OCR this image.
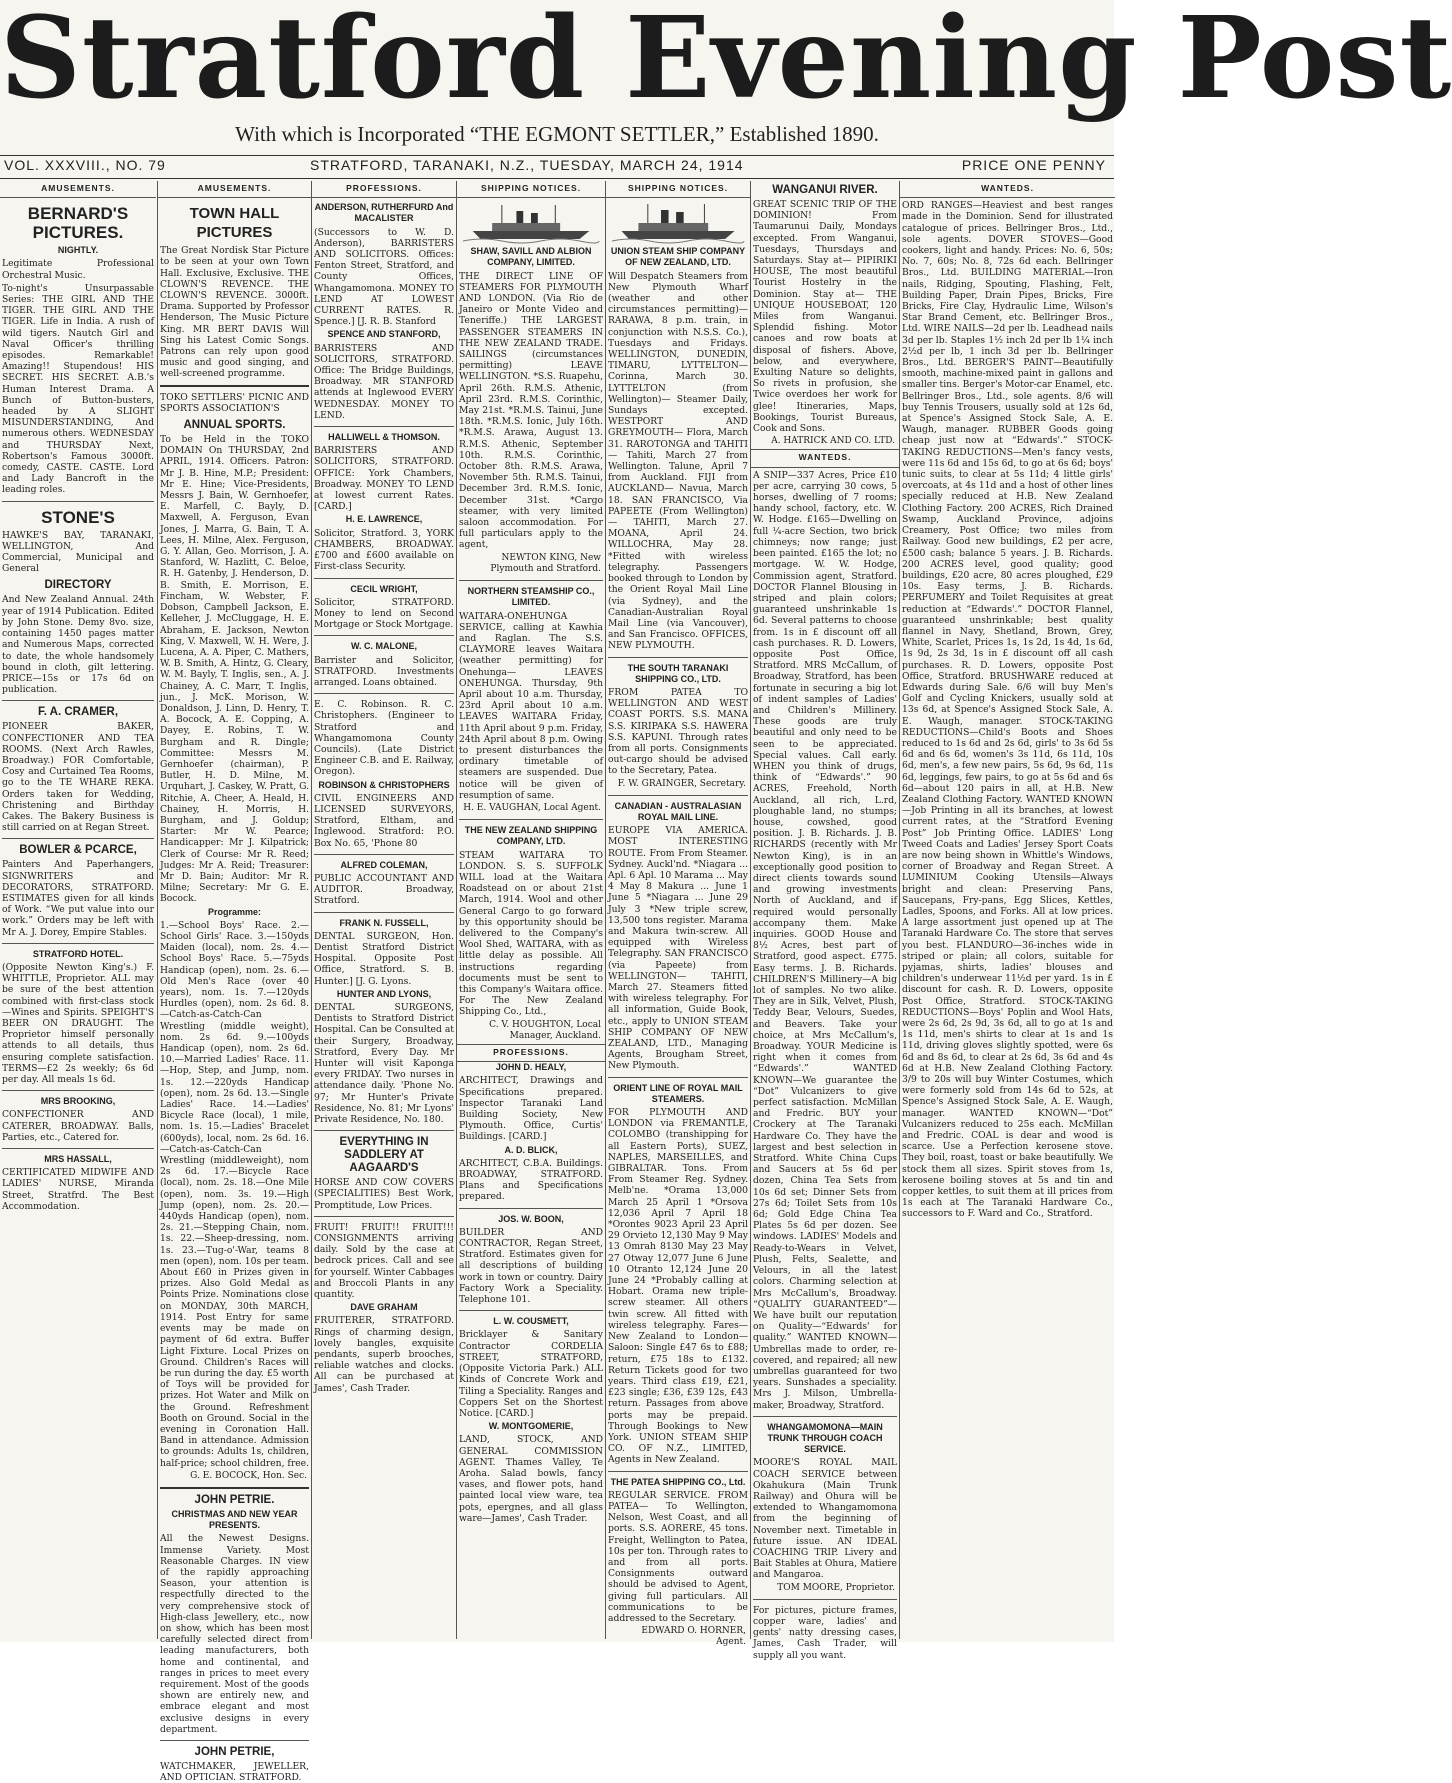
Stratford Evening Post
With which is Incorporated “THE EGMONT SETTLER,” Established 1890.
VOL. XXXVIII., NO. 79	STRATFORD, TARANAKI, N.Z., TUESDAY, MARCH 24, 1914	PRICE ONE PENNY
AMUSEMENTS.
BERNARD'S PICTURES.
NIGHTLY.
Legitimate Professional Orchestral Music.
To-night's Unsurpassable Series: THE GIRL AND THE TIGER. THE GIRL AND THE TIGER. Life in India. A rush of wild tigers. Nautch Girl and Naval Officer's thrilling episodes. Remarkable! Amazing!! Stupendous! HIS SECRET. HIS SECRET. A.B.'s Human Interest Drama. A Bunch of Button-busters, headed by A SLIGHT MISUNDERSTANDING, And numerous others. WEDNESDAY and THURSDAY Next, Robertson's Famous 3000ft. comedy, CASTE. CASTE. Lord and Lady Bancroft in the leading roles.
STONE'S
HAWKE'S BAY, TARANAKI, WELLINGTON, And Commercial, Municipal and General
DIRECTORY
And New Zealand Annual. 24th year of 1914 Publication. Edited by John Stone. Demy 8vo. size, containing 1450 pages matter and Numerous Maps, corrected to date, the whole handsomely bound in cloth, gilt lettering. PRICE—15s or 17s 6d on publication.
F. A. CRAMER,
PIONEER BAKER, CONFECTIONER AND TEA ROOMS. (Next Arch Rawles, Broadway.) FOR Comfortable, Cosy and Curtained Tea Rooms, go to the TE WHARE REKA. Orders taken for Wedding, Christening and Birthday Cakes. The Bakery Business is still carried on at Regan Street.
BOWLER & PCARCE,
Painters And Paperhangers, SIGNWRITERS and DECORATORS, STRATFORD. ESTIMATES given for all kinds of Work. “We put value into our work.” Orders may be left with Mr A. J. Dorey, Empire Stables.
STRATFORD HOTEL.
(Opposite Newton King's.) F. WHITTLE, Proprietor. ALL may be sure of the best attention combined with first-class stock—Wines and Spirits. SPEIGHT'S BEER ON DRAUGHT. The Proprietor himself personally attends to all details, thus ensuring complete satisfaction. TERMS—£2 2s weekly; 6s 6d per day. All meals 1s 6d.
MRS BROOKING,
CONFECTIONER AND CATERER, BROADWAY. Balls, Parties, etc., Catered for.
MRS HASSALL,
CERTIFICATED MIDWIFE AND LADIES' NURSE, Miranda Street, Stratfrd. The Best Accommodation.
AMUSEMENTS.
TOWN HALL PICTURES
The Great Nordisk Star Picture to be seen at your own Town Hall. Exclusive, Exclusive. THE CLOWN'S REVENCE. THE CLOWN'S REVENCE. 3000ft. Drama. Supported by Professor Henderson, The Music Picture King. MR BERT DAVIS Will Sing his Latest Comic Songs. Patrons can rely upon good music and good singing, and well-screened programme.
TOKO SETTLERS' PICNIC AND SPORTS ASSOCIATION'S
ANNUAL SPORTS.
To be Held in the TOKO DOMAIN On THURSDAY, 2nd APRIL, 1914. Officers. Patron: Mr J. B. Hine, M.P.; President: Mr E. Hine; Vice-Presidents, Messrs J. Bain, W. Gernhoefer, E. Marfell, C. Bayly, D. Maxwell, A. Ferguson, Evan Jones, J. Marra, G. Bain, T. A. Lees, H. Milne, Alex. Ferguson, G. Y. Allan, Geo. Morrison, J. A. Stanford, W. Hazlitt, C. Beloe, R. H. Gatenby, J. Henderson, D. B. Smith, E. Morrison, E. Fincham, W. Webster, F. Dobson, Campbell Jackson, E. Kelleher, J. McCluggage, H. E. Abraham, E. Jackson, Newton King, V. Maxwell, W. H. Were, J. Lucena, A. A. Piper, C. Mathers, W. B. Smith, A. Hintz, G. Cleary, W. M. Bayly, T. Inglis, sen., A. J. Chainey, A. C. Marr, T. Inglis, jun., J. McK. Morison, W. Donaldson, J. Linn, D. Henry, T. A. Bocock, A. E. Copping, A. Dayey, E. Robins, T. W. Burgham and R. Dingle; Committee: Messrs M. Gernhoefer (chairman), P. Butler, H. D. Milne, M. Urquhart, J. Caskey, W. Pratt, G. Ritchie, A. Cheer, A. Heald, H. Chainey, H. Morris, H. Burgham, and J. Goldup; Starter: Mr W. Pearce; Handicapper: Mr J. Kilpatrick; Clerk of Course: Mr R. Reed; Judges: Mr A. Reid; Treasurer: Mr D. Bain; Auditor: Mr R. Milne; Secretary: Mr G. E. Bocock.
Programme:
1.—School Boys' Race. 2.—School Girls' Race. 3.—150yds Maiden (local), nom. 2s. 4.—School Boys' Race. 5.—75yds Handicap (open), nom. 2s. 6.—Old Men's Race (over 40 years), nom. 1s. 7.—120yds Hurdles (open), nom. 2s 6d. 8.—Catch-as-Catch-Can Wrestling (middle weight), nom. 2s 6d. 9.—100yds Handicap (open), nom. 2s 6d. 10.—Married Ladies' Race. 11.—Hop, Step, and Jump, nom. 1s. 12.—220yds Handicap (open), nom. 2s 6d. 13.—Single Ladies' Race. 14.—Ladies' Bicycle Race (local), 1 mile, nom. 1s. 15.—Ladies' Bracelet (600yds), local, nom. 2s 6d. 16.—Catch-as-Catch-Can Wrestling (middleweight), nom 2s 6d. 17.—Bicycle Race (local), nom. 2s. 18.—One Mile (open), nom. 3s. 19.—High Jump (open), nom. 2s. 20.—440yds Handicap (open), nom. 2s. 21.—Stepping Chain, nom. 1s. 22.—Sheep-dressing, nom. 1s. 23.—Tug-o'-War, teams 8 men (open), nom. 10s per team. About £60 in Prizes given in prizes. Also Gold Medal as Points Prize. Nominations close on MONDAY, 30th MARCH, 1914. Post Entry for same events may be made on payment of 6d extra. Buffer Light Fixture. Local Prizes on Ground. Children's Races will be run during the day. £5 worth of Toys will be provided for prizes. Hot Water and Milk on the Ground. Refreshment Booth on Ground. Social in the evening in Coronation Hall. Band in attendance. Admission to grounds: Adults 1s, children, half-price; school children, free.
G. E. BOCOCK, Hon. Sec.
JOHN PETRIE.
CHRISTMAS AND NEW YEAR PRESENTS.
All the Newest Designs. Immense Variety. Most Reasonable Charges. IN view of the rapidly approaching Season, your attention is respectfully directed to the very comprehensive stock of High-class Jewellery, etc., now on show, which has been most carefully selected direct from leading manufacturers, both home and continental, and ranges in prices to meet every requirement. Most of the goods shown are entirely new, and embrace elegant and most exclusive designs in every department.
JOHN PETRIE,
WATCHMAKER, JEWELLER, AND OPTICIAN. STRATFORD.
PROFESSIONS.
ANDERSON, RUTHERFURD And MACALISTER
(Successors to W. D. Anderson), BARRISTERS AND SOLICITORS. Offices: Fenton Street, Stratford, and County Offices, Whangamomona. MONEY TO LEND AT LOWEST CURRENT RATES. R. Spence.] [J. R. B. Stanford
SPENCE AND STANFORD,
BARRISTERS AND SOLICITORS, STRATFORD. Office: The Bridge Buildings, Broadway. MR STANFORD attends at Inglewood EVERY WEDNESDAY. MONEY TO LEND.
HALLIWELL & THOMSON.
BARRISTERS AND SOLICITORS, STRATFORD. OFFICE: York Chambers, Broadway. MONEY TO LEND at lowest current Rates. [CARD.]
H. E. LAWRENCE,
Solicitor, Stratford. 3, YORK CHAMBERS, BROADWAY. £700 and £600 available on First-class Security.
CECIL WRIGHT,
Solicitor, STRATFORD. Money to lend on Second Mortgage or Stock Mortgage.
W. C. MALONE,
Barrister and Solicitor, STRATFORD. Investments arranged. Loans obtained.
E. C. Robinson. R. C. Christophers. (Engineer to Stratford and Whangamomona County Councils). (Late District Engineer C.B. and E. Railway, Oregon).
ROBINSON & CHRISTOPHERS
CIVIL ENGINEERS AND LICENSED SURVEYORS, Stratford, Eltham, and Inglewood. Stratford: P.O. Box No. 65, 'Phone 80
ALFRED COLEMAN,
PUBLIC ACCOUNTANT AND AUDITOR. Broadway, Stratford.
FRANK N. FUSSELL,
DENTAL SURGEON, Hon. Dentist Stratford District Hospital. Opposite Post Office, Stratford. S. B. Hunter.] [J. G. Lyons.
HUNTER AND LYONS,
DENTAL SURGEONS, Dentists to Stratford District Hospital. Can be Consulted at their Surgery, Broadway, Stratford, Every Day. Mr Hunter will visit Kaponga every FRIDAY. Two nurses in attendance daily. 'Phone No. 97; Mr Hunter's Private Residence, No. 81; Mr Lyons' Private Residence, No. 180.
EVERYTHING IN SADDLERY AT AAGAARD'S
HORSE AND COW COVERS (SPECIALITIES) Best Work, Promptitude, Low Prices.
FRUIT! FRUIT!! FRUIT!!! CONSIGNMENTS arriving daily. Sold by the case at bedrock prices. Call and see for yourself. Winter Cabbages and Broccoli Plants in any quantity.
DAVE GRAHAM
FRUITERER, STRATFORD. Rings of charming design, lovely bangles, exquisite pendants, superb brooches, reliable watches and clocks. All can be purchased at James', Cash Trader.
SHIPPING NOTICES.
SHAW, SAVILL AND ALBION COMPANY, LIMITED.
THE DIRECT LINE OF STEAMERS FOR PLYMOUTH AND LONDON. (Via Rio de Janeiro or Monte Video and Teneriffe.) THE LARGEST PASSENGER STEAMERS IN THE NEW ZEALAND TRADE. SAILINGS (circumstances permitting) LEAVE WELLINGTON. *S.S. Ruapehu, April 26th. R.M.S. Athenic, April 23rd. R.M.S. Corinthic, May 21st. *R.M.S. Tainui, June 18th. *R.M.S. Ionic, July 16th. *R.M.S. Arawa, August 13. R.M.S. Athenic, September 10th. R.M.S. Corinthic, October 8th. R.M.S. Arawa, November 5th. R.M.S. Tainui, December 3rd. R.M.S. Ionic, December 31st. *Cargo steamer, with very limited saloon accommodation. For full particulars apply to the agent,
NEWTON KING, New Plymouth and Stratford.
NORTHERN STEAMSHIP CO., LIMITED.
WAITARA-ONEHUNGA SERVICE, calling at Kawhia and Raglan. The S.S. CLAYMORE leaves Waitara (weather permitting) for Onehunga— LEAVES ONEHUNGA. Thursday, 9th April about 10 a.m. Thursday, 23rd April about 10 a.m. LEAVES WAITARA Friday, 11th April about 9 p.m. Friday, 24th April about 8 p.m. Owing to present disturbances the ordinary timetable of steamers are suspended. Due notice will be given of resumption of same.
H. E. VAUGHAN, Local Agent.
THE NEW ZEALAND SHIPPING COMPANY, LTD.
STEAM WAITARA TO LONDON. S. S. SUFFOLK WILL load at the Waitara Roadstead on or about 21st March, 1914. Wool and other General Cargo to go forward by this opportunity should be delivered to the Company's Wool Shed, WAITARA, with as little delay as possible. All instructions regarding documents must be sent to this Company's Waitara office. For The New Zealand Shipping Co., Ltd.,
C. V. HOUGHTON, Local Manager, Auckland.
PROFESSIONS.
JOHN D. HEALY,
ARCHITECT, Drawings and Specifications prepared. Inspector Taranaki Land Building Society, New Plymouth. Office, Curtis' Buildings. [CARD.]
A. D. BLICK,
ARCHITECT, C.B.A. Buildings. BROADWAY, STRATFORD. Plans and Specifications prepared.
JOS. W. BOON,
BUILDER AND CONTRACTOR, Regan Street, Stratford. Estimates given for all descriptions of building work in town or country. Dairy Factory Work a Speciality. Telephone 101.
L. W. COUSMETT,
Bricklayer & Sanitary Contractor CORDELIA STREET, STRATFORD, (Opposite Victoria Park.) ALL Kinds of Concrete Work and Tiling a Speciality. Ranges and Coppers Set on the Shortest Notice. [CARD.]
W. MONTGOMERIE,
LAND, STOCK, AND GENERAL COMMISSION AGENT. Thames Valley, Te Aroha. Salad bowls, fancy vases, and flower pots, hand painted local view ware, tea pots, epergnes, and all glass ware—James', Cash Trader.
SHIPPING NOTICES.
UNION STEAM SHIP COMPANY OF NEW ZEALAND, LTD.
Will Despatch Steamers from New Plymouth Wharf (weather and other circumstances permitting)— RARAWA, 8 p.m. train, in conjunction with N.S.S. Co.), Tuesdays and Fridays. WELLINGTON, DUNEDIN, TIMARU, LYTTELTON— Corinna, March 30. LYTTELTON (from Wellington)— Steamer Daily, Sundays excepted. WESTPORT AND GREYMOUTH— Flora, March 31. RAROTONGA and TAHITI— Tahiti, March 27 from Wellington. Talune, April 7 from Auckland. FIJI from AUCKLAND— Navua, March 18. SAN FRANCISCO, Via PAPEETE (From Wellington)— TAHITI, March 27. MOANA, April 24. WILLOCHRA, May 28. *Fitted with wireless telegraphy. Passengers booked through to London by the Orient Royal Mail Line (via Sydney), and the Canadian-Australian Royal Mail Line (via Vancouver), and San Francisco. OFFICES, NEW PLYMOUTH.
THE SOUTH TARANAKI SHIPPING CO., LTD.
FROM PATEA TO WELLINGTON AND WEST COAST PORTS. S.S. MANA S.S. KIRIPAKA S.S. HAWERA S.S. KAPUNI. Through rates from all ports. Consignments out-cargo should be advised to the Secretary, Patea.
F. W. GRAINGER, Secretary.
CANADIAN - AUSTRALASIAN ROYAL MAIL LINE.
EUROPE VIA AMERICA. MOST INTERESTING ROUTE. From From Steamer. Sydney. Auckl'nd. *Niagara ... Apl. 6 Apl. 10 Marama ... May 4 May 8 Makura ... June 1 June 5 *Niagara ... June 29 July 3 *New triple screw, 13,500 tons register. Marama and Makura twin-screw. All equipped with Wireless Telegraphy. SAN FRANCISCO (via Papeete) from WELLINGTON— TAHITI, March 27. Steamers fitted with wireless telegraphy. For all information, Guide Book, etc., apply to UNION STEAM SHIP COMPANY OF NEW ZEALAND, LTD., Managing Agents, Brougham Street, New Plymouth.
ORIENT LINE OF ROYAL MAIL STEAMERS.
FOR PLYMOUTH AND LONDON via FREMANTLE, COLOMBO (transhipping for all Eastern Ports), SUEZ, NAPLES, MARSEILLES, and GIBRALTAR. Tons. From From Steamer Reg. Sydney. Melb'ne. *Orama 13,000 March 25 April 1 *Orsova 12,036 April 7 April 18 *Orontes 9023 April 23 April 29 Orvieto 12,130 May 9 May 13 Omrah 8130 May 23 May 27 Otway 12,077 June 6 June 10 Otranto 12,124 June 20 June 24 *Probably calling at Hobart. Orama new triple-screw steamer. All others twin screw. All fitted with wireless telegraphy. Fares—New Zealand to London—Saloon: Single £47 6s to £88; return, £75 18s to £132. Return Tickets good for two years. Third class £19, £21, £23 single; £36, £39 12s, £43 return. Passages from above ports may be prepaid. Through Bookings to New York. UNION STEAM SHIP CO. OF N.Z., LIMITED, Agents in New Zealand.
THE PATEA SHIPPING CO., Ltd.
REGULAR SERVICE. FROM PATEA— To Wellington, Nelson, West Coast, and all ports. S.S. AORERE, 45 tons. Freight, Wellington to Patea, 10s per ton. Through rates to and from all ports. Consignments outward should be advised to Agent, giving full particulars. All communications to be addressed to the Secretary.
EDWARD O. HORNER, Agent.
WANGANUI RIVER.
GREAT SCENIC TRIP OF THE DOMINION! From Taumarunui Daily, Mondays excepted. From Wanganui, Tuesdays, Thursdays and Saturdays. Stay at— PIPIRIKI HOUSE, The most beautiful Tourist Hostelry in the Dominion. Stay at— THE UNIQUE HOUSEBOAT, 120 Miles from Wanganui. Splendid fishing. Motor canoes and row boats at disposal of fishers. Above, below, and everywhere, Exulting Nature so delights, So rivets in profusion, she Twice overdoes her work for glee! Itineraries, Maps, Bookings, Tourist Bureaus, Cook and Sons.
A. HATRICK AND CO. LTD.
WANTEDS.
A SNIP—337 Acres, Price £10 per acre, carrying 30 cows, 5 horses, dwelling of 7 rooms; handy school, factory, etc. W. W. Hodge. £165—Dwelling on full ¼-acre Section, two brick chimneys; now range; just been painted. £165 the lot; no mortgage. W. W. Hodge, Commission agent, Stratford. DOCTOR Flannel Blousing in striped and plain colors; guaranteed unshrinkable 1s 6d. Several patterns to choose from. 1s in £ discount off all cash purchases. R. D. Lowers, opposite Post Office, Stratford. MRS McCallum, of Broadway, Stratford, has been fortunate in securing a big lot of indent samples of Ladies' and Children's Millinery. These goods are truly beautiful and only need to be seen to be appreciated. Special values. Call early. WHEN you think of drugs, think of “Edwards'.” 90 ACRES, Freehold, North Auckland, all rich, L.rd, ploughable land, no stumps; house, cowshed, good position. J. B. Richards. J. B. RICHARDS (recently with Mr Newton King), is in an exceptionally good position to direct clients towards sound and growing investments North of Auckland, and if required would personally accompany them. Make inquiries. GOOD House and 8½ Acres, best part of Stratford, good aspect. £775. Easy terms. J. B. Richards. CHILDREN'S Millinery—A big lot of samples. No two alike. They are in Silk, Velvet, Plush, Teddy Bear, Velours, Suedes, and Beavers. Take your choice, at Mrs McCallum's, Broadway. YOUR Medicine is right when it comes from “Edwards'.” WANTED KNOWN—We guarantee the “Dot” Vulcanizers to give perfect satisfaction. McMillan and Fredric. BUY your Crockery at The Taranaki Hardware Co. They have the largest and best selection in Stratford. White China Cups and Saucers at 5s 6d per dozen, China Tea Sets from 10s 6d set; Dinner Sets from 27s 6d; Toilet Sets from 10s 6d; Gold Edge China Tea Plates 5s 6d per dozen. See windows. LADIES' Models and Ready-to-Wears in Velvet, Plush, Felts, Sealette, and Velours, in all the latest colors. Charming selection at Mrs McCallum's, Broadway. “QUALITY GUARANTEED”—We have built our reputation on Quality—“Edwards' for quality.” WANTED KNOWN—Umbrellas made to order, re-covered, and repaired; all new umbrellas guaranteed for two years. Sunshades a speciality. Mrs J. Milson, Umbrella-maker, Broadway, Stratford.
WHANGAMOMONA—MAIN TRUNK THROUGH COACH SERVICE.
MOORE'S ROYAL MAIL COACH SERVICE between Okahukura (Main Trunk Railway) and Ohura will be extended to Whangamomona from the beginning of November next. Timetable in future issue. AN IDEAL COACHING TRIP. Livery and Bait Stables at Ohura, Matiere and Mangaroa.
TOM MOORE, Proprietor.
For pictures, picture frames, copper ware, ladies' and gents' natty dressing cases, James, Cash Trader, will supply all you want.
WANTEDS.
ORD RANGES—Heaviest and best ranges made in the Dominion. Send for illustrated catalogue of prices. Bellringer Bros., Ltd., sole agents. DOVER STOVES—Good cookers, light and handy. Prices: No. 6, 50s; No. 7, 60s; No. 8, 72s 6d each. Bellringer Bros., Ltd. BUILDING MATERIAL—Iron nails, Ridging, Spouting, Flashing, Felt, Building Paper, Drain Pipes, Bricks, Fire Bricks, Fire Clay, Hydraulic Lime, Wilson's Star Brand Cement, etc. Bellringer Bros., Ltd. WIRE NAILS—2d per lb. Leadhead nails 3d per lb. Staples 1½ inch 2d per lb 1¼ inch 2½d per lb, 1 inch 3d per lb. Bellringer Bros., Ltd. BERGER'S PAINT—Beautifully smooth, machine-mixed paint in gallons and smaller tins. Berger's Motor-car Enamel, etc. Bellringer Bros., Ltd., sole agents. 8/6 will buy Tennis Trousers, usually sold at 12s 6d, at Spence's Assigned Stock Sale, A. E. Waugh, manager. RUBBER Goods going cheap just now at “Edwards'.” STOCK-TAKING REDUCTIONS—Men's fancy vests, were 11s 6d and 15s 6d, to go at 6s 6d; boys' tunic suits, to clear at 5s 11d; 4 little girls' overcoats, at 4s 11d and a host of other lines specially reduced at H.B. New Zealand Clothing Factory. 200 ACRES, Rich Drained Swamp, Auckland Province, adjoins Creamery, Post Office; two miles from Railway. Good new buildings, £2 per acre, £500 cash; balance 5 years. J. B. Richards. 200 ACRES level, good quality; good buildings, £20 acre, 80 acres ploughed, £29 10s. Easy terms, J. B. Richards. PERFUMERY and Toilet Requisites at great reduction at “Edwards'.” DOCTOR Flannel, guaranteed unshrinkable; best quality flannel in Navy, Shetland, Brown, Grey, White, Scarlet, Prices 1s, 1s 2d, 1s 4d, 1s 6d, 1s 9d, 2s 3d, 1s in £ discount off all cash purchases. R. D. Lowers, opposite Post Office, Stratford. BRUSHWARE reduced at Edwards during Sale. 6/6 will buy Men's Golf and Cycling Knickers, usually sold at 13s 6d, at Spence's Assigned Stock Sale, A. E. Waugh, manager. STOCK-TAKING REDUCTIONS—Child's Boots and Shoes reduced to 1s 6d and 2s 6d, girls' to 3s 6d 5s 6d and 6s 6d, women's 3s 11d, 6s 11d, 10s 6d, men's, a few new pairs, 5s 6d, 9s 6d, 11s 6d, leggings, few pairs, to go at 5s 6d and 6s 6d—about 120 pairs in all, at H.B. New Zealand Clothing Factory. WANTED KNOWN—Job Printing in all its branches, at lowest current rates, at the “Stratford Evening Post” Job Printing Office. LADIES' Long Tweed Coats and Ladies' Jersey Sport Coats are now being shown in Whittle's Windows, corner of Broadway and Regan Street. A LUMINIUM Cooking Utensils—Always bright and clean: Preserving Pans, Saucepans, Fry-pans, Egg Slices, Kettles, Ladles, Spoons, and Forks. All at low prices. A large assortment just opened up at The Taranaki Hardware Co. The store that serves you best. FLANDURO—36-inches wide in striped or plain; all colors, suitable for pyjamas, shirts, ladies' blouses and children's underwear 11½d per yard. 1s in £ discount for cash. R. D. Lowers, opposite Post Office, Stratford. STOCK-TAKING REDUCTIONS—Boys' Poplin and Wool Hats, were 2s 6d, 2s 9d, 3s 6d, all to go at 1s and 1s 11d, men's shirts to clear at 1s and 1s 11d, driving gloves slightly spotted, were 6s 6d and 8s 6d, to clear at 2s 6d, 3s 6d and 4s 6d at H.B. New Zealand Clothing Factory. 3/9 to 20s will buy Winter Costumes, which were formerly sold from 14s 6d to 52s, at Spence's Assigned Stock Sale, A. E. Waugh, manager. WANTED KNOWN—“Dot” Vulcanizers reduced to 25s each. McMillan and Fredric. COAL is dear and wood is scarce. Use a Perfection kerosene stove. They boil, roast, toast or bake beautifully. We stock them all sizes. Spirit stoves from 1s, kerosene boiling stoves at 5s and tin and copper kettles, to suit them at ill prices from 1s each at The Taranaki Hardware Co., successors to F. Ward and Co., Stratford.
